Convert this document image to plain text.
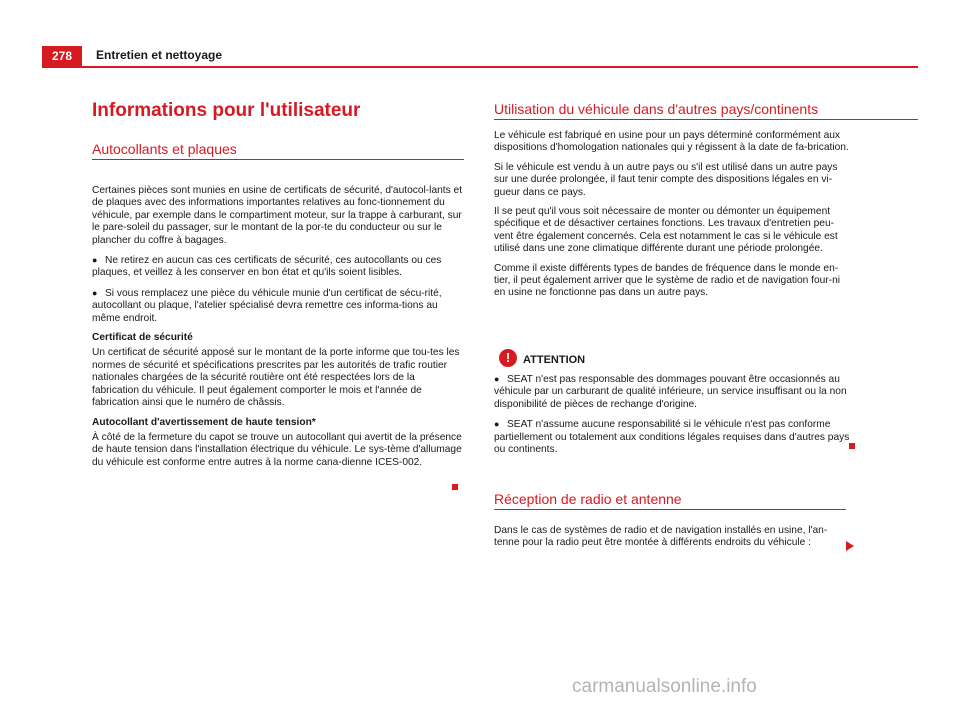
278	Entretien et nettoyage
Informations pour l'utilisateur
Autocollants et plaques

Certaines pièces sont munies en usine de certificats de sécurité, d'autocol-lants et de plaques avec des informations importantes relatives au fonc-tionnement du véhicule, par exemple dans le compartiment moteur, sur la trappe à carburant, sur le pare-soleil du passager, sur le montant de la por-te du conducteur ou sur le plancher du coffre à bagages.

● Ne retirez en aucun cas ces certificats de sécurité, ces autocollants ou ces plaques, et veillez à les conserver en bon état et qu'ils soient lisibles.

● Si vous remplacez une pièce du véhicule munie d'un certificat de sécu-rité, autocollant ou plaque, l'atelier spécialisé devra remettre ces informa-tions au même endroit.

Certificat de sécurité

Un certificat de sécurité apposé sur le montant de la porte informe que tou-tes les normes de sécurité et spécifications prescrites par les autorités de trafic routier nationales chargées de la sécurité routière ont été respectées lors de la fabrication du véhicule. Il peut également comporter le mois et l'année de fabrication ainsi que le numéro de châssis.

Autocollant d'avertissement de haute tension*

À côté de la fermeture du capot se trouve un autocollant qui avertit de la présence de haute tension dans l'installation électrique du véhicule. Le sys-tème d'allumage du véhicule est conforme entre autres à la norme cana-dienne ICES-002.

Utilisation du véhicule dans d'autres pays/continents

Le véhicule est fabriqué en usine pour un pays déterminé conformément aux dispositions d'homologation nationales qui y régissent à la date de fa-brication.

Si le véhicule est vendu à un autre pays ou s'il est utilisé dans un autre pays sur une durée prolongée, il faut tenir compte des dispositions légales en vi-gueur dans ce pays.

Il se peut qu'il vous soit nécessaire de monter ou démonter un équipement spécifique et de désactiver certaines fonctions. Les travaux d'entretien peu-vent être également concernés. Cela est notamment le cas si le véhicule est utilisé dans une zone climatique différente durant une période prolongée.

Comme il existe différents types de bandes de fréquence dans le monde en-tier, il peut également arriver que le système de radio et de navigation four-ni en usine ne fonctionne pas dans un autre pays.

!	ATTENTION

● SEAT n'est pas responsable des dommages pouvant être occasionnés au véhicule par un carburant de qualité inférieure, un service insuffisant ou la non disponibilité de pièces de rechange d'origine.

● SEAT n'assume aucune responsabilité si le véhicule n'est pas conforme partiellement ou totalement aux conditions légales requises dans d'autres pays ou continents.

Réception de radio et antenne

Dans le cas de systèmes de radio et de navigation installés en usine, l'an-tenne pour la radio peut être montée à différents endroits du véhicule :

carmanualsonline.info
